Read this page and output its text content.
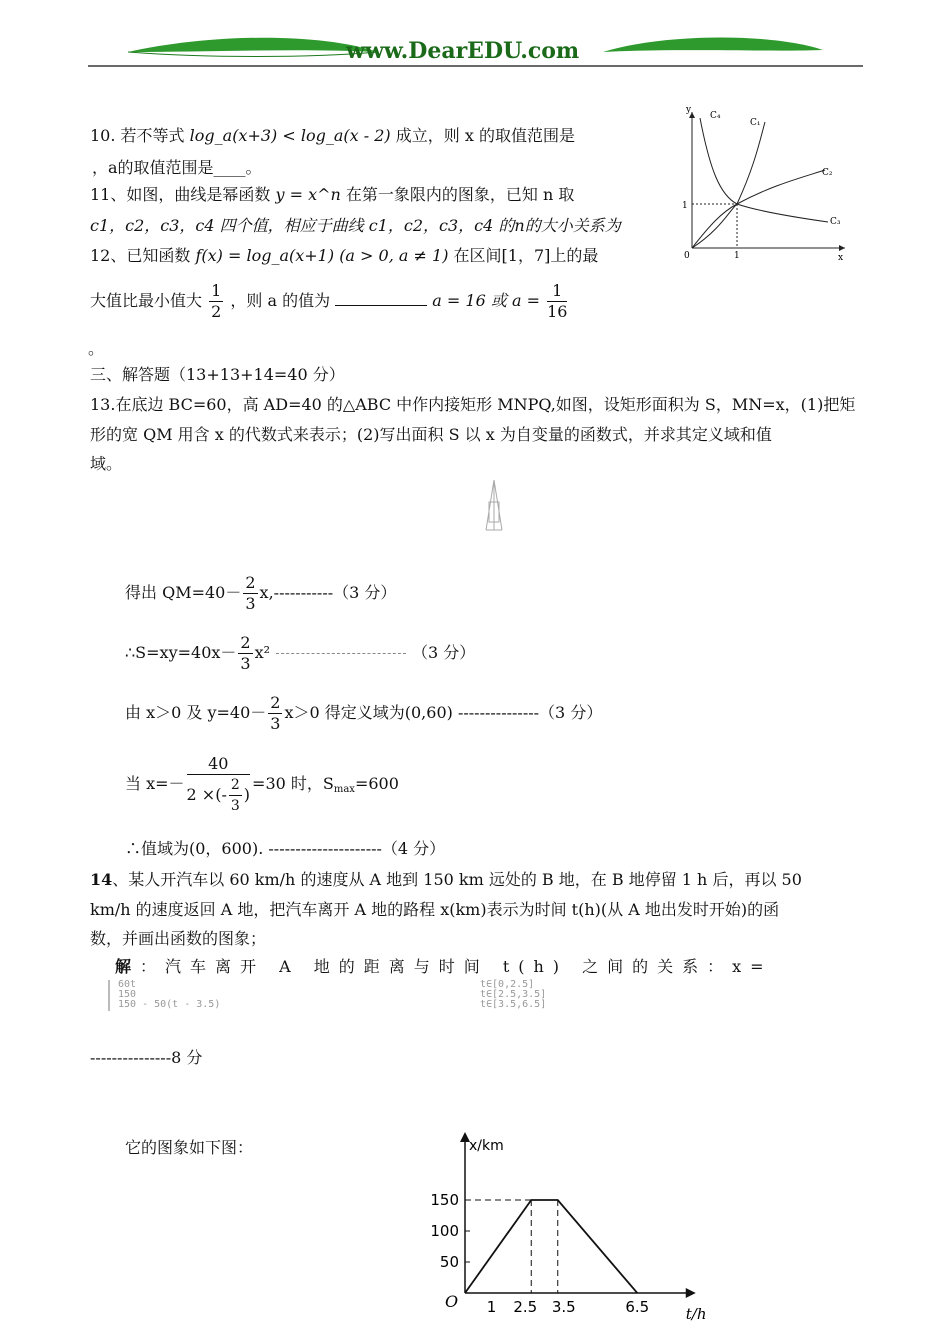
www.DearEDU.com
10. 若不等式 log_a(x+3) < log_a(x - 2) 成立，则 x 的取值范围是
，a的取值范围是____。
11、如图，曲线是幂函数 y = x^n 在第一象限内的图象，已知 n 取
c1，c2，c3，c4 四个值，相应于曲线 c1，c2，c3，c4 的n的大小关系为
12、已知函数 f(x) = log_a(x+1) (a > 0, a ≠ 1) 在区间[1，7]上的最
大值比最小值大 $\frac{1}{2}$ ，则 a 的值为	a = 16 或 $a = \frac{1}{16}$
。
y
x
0	1
1
C₄
C₁
C₂
C₃
三、解答题（13+13+14=40 分）
13.在底边 BC=60，高 AD=40 的△ABC 中作内接矩形 MNPQ,如图，设矩形面积为 S，MN=x，(1)把矩
形的宽 QM 用含 x 的代数式来表示；(2)写出面积 S 以 x 为自变量的函数式，并求其定义域和值
域。
得出 $QM=40- \frac{2}{3} x,-----------(3$ 分）
∴S=xy=40x－ $\frac{2}{3} x^2$	（3 分）
由 x＞0 及 $y=40- \frac{2}{3} x>0$ 得定义域为(0,60) ---------------（3 分）
当 $x=- \frac{40}{2 \times(- \frac{2}{3} )} =30$ 时，$S_{max}=600$
∴值域为(0，600). ---------------------（4 分）
14、某人开汽车以 60 km/h 的速度从 A 地到 150 km 远处的 B 地，在 B 地停留 1 h 后，再以 50
km/h 的速度返回 A 地，把汽车离开 A 地的路程 x(km)表示为时间 t(h)(从 A 地出发时开始)的函
数，并画出函数的图象；
解：汽车离开 A 地的距离与时间 t(h) 之间的关系：x=
60t	t∈[0,2.5]
150	t∈[2.5,3.5]
150 - 50(t - 3.5)	t∈[3.5,6.5]
---------------8 分
它的图象如下图：	x/km
t/h
O
50
100
150
1 2.5 3.5	6.5
